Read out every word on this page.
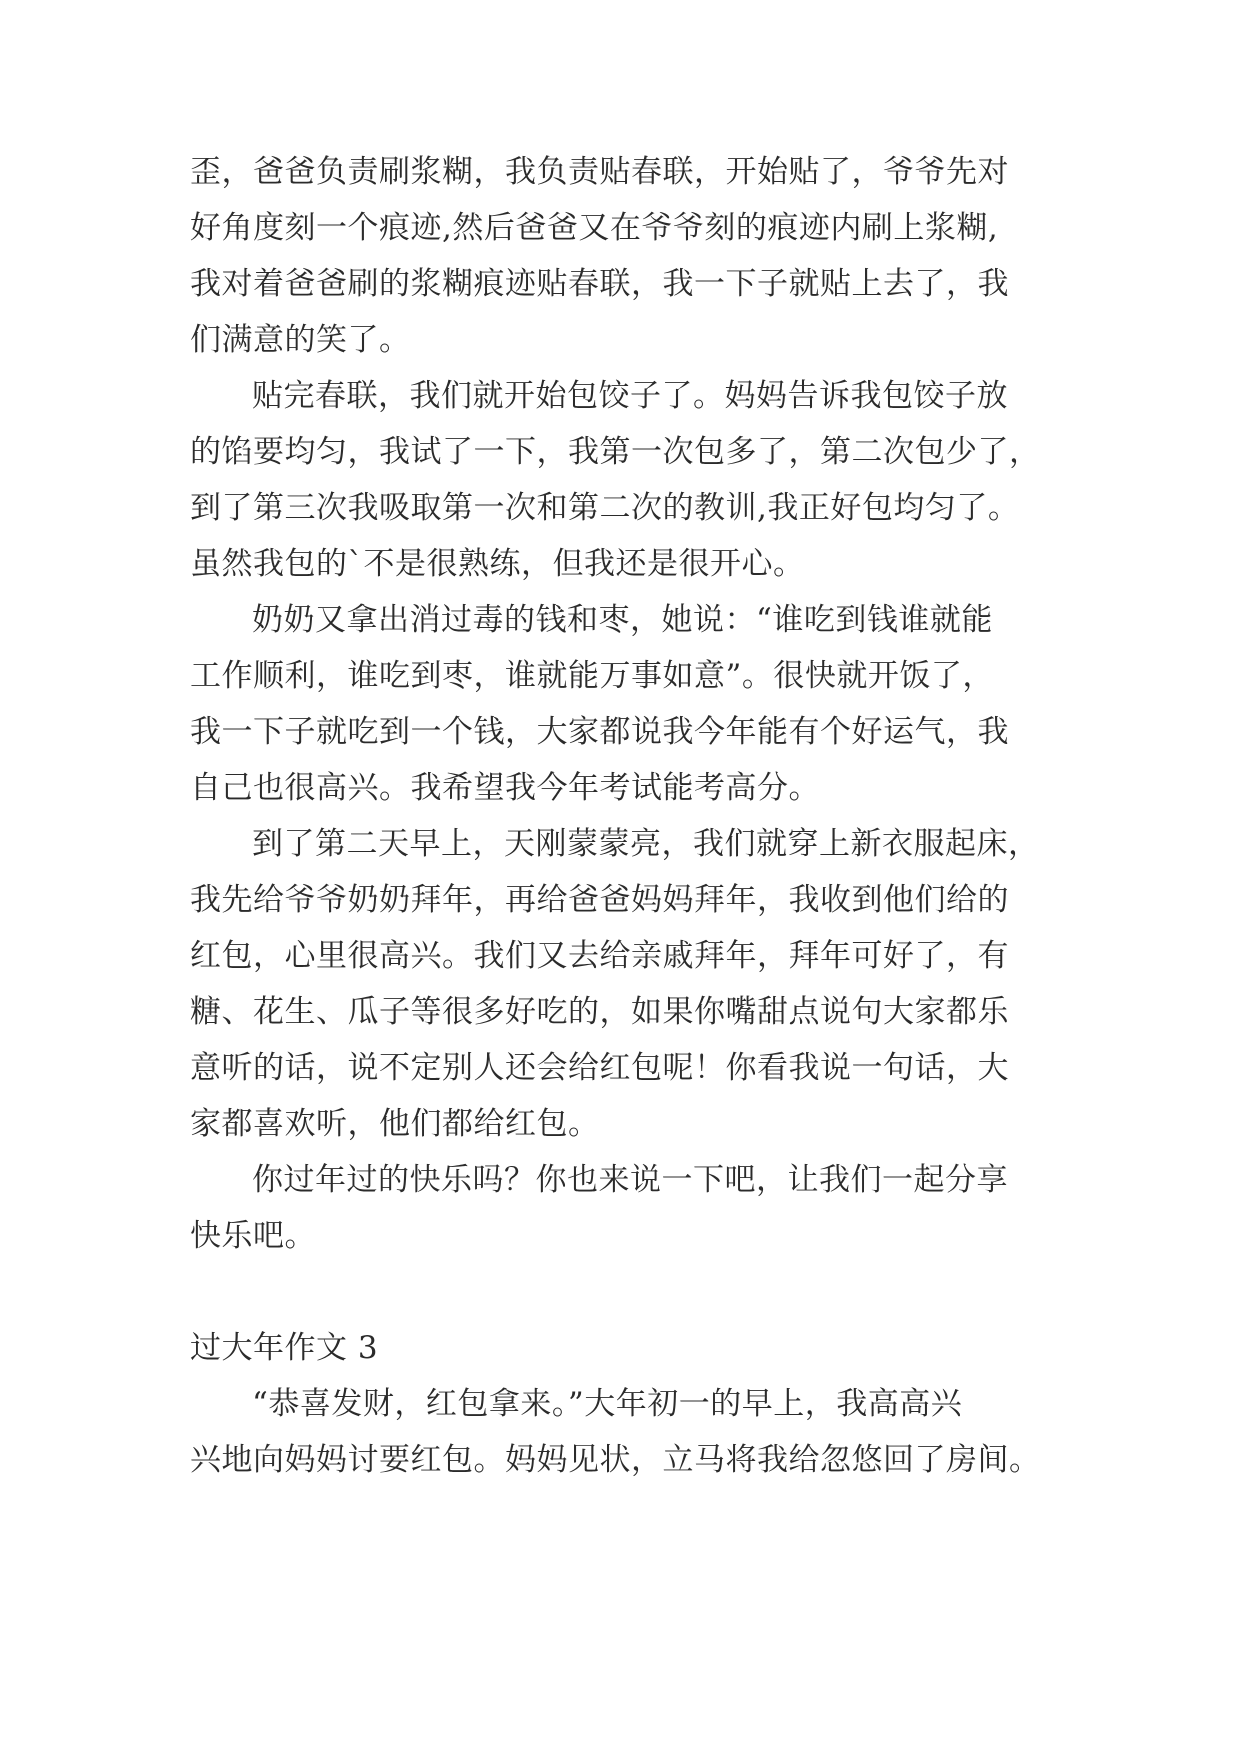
歪，爸爸负责刷浆糊，我负责贴春联，开始贴了，爷爷先对
好角度刻一个痕迹,然后爸爸又在爷爷刻的痕迹内刷上浆糊,
我对着爸爸刷的浆糊痕迹贴春联，我一下子就贴上去了，我
们满意的笑了。
贴完春联，我们就开始包饺子了。妈妈告诉我包饺子放
的馅要均匀，我试了一下，我第一次包多了，第二次包少了，
到了第三次我吸取第一次和第二次的教训,我正好包均匀了。
虽然我包的`不是很熟练，但我还是很开心。
奶奶又拿出消过毒的钱和枣，她说：“谁吃到钱谁就能
工作顺利，谁吃到枣，谁就能万事如意”。很快就开饭了，
我一下子就吃到一个钱，大家都说我今年能有个好运气，我
自己也很高兴。我希望我今年考试能考高分。
到了第二天早上，天刚蒙蒙亮，我们就穿上新衣服起床，
我先给爷爷奶奶拜年，再给爸爸妈妈拜年，我收到他们给的
红包，心里很高兴。我们又去给亲戚拜年，拜年可好了，有
糖、花生、瓜子等很多好吃的，如果你嘴甜点说句大家都乐
意听的话，说不定别人还会给红包呢！你看我说一句话，大
家都喜欢听，他们都给红包。
你过年过的快乐吗？你也来说一下吧，让我们一起分享
快乐吧。
过大年作文 3
“恭喜发财，红包拿来。”大年初一的早上，我高高兴
兴地向妈妈讨要红包。妈妈见状，立马将我给忽悠回了房间。
